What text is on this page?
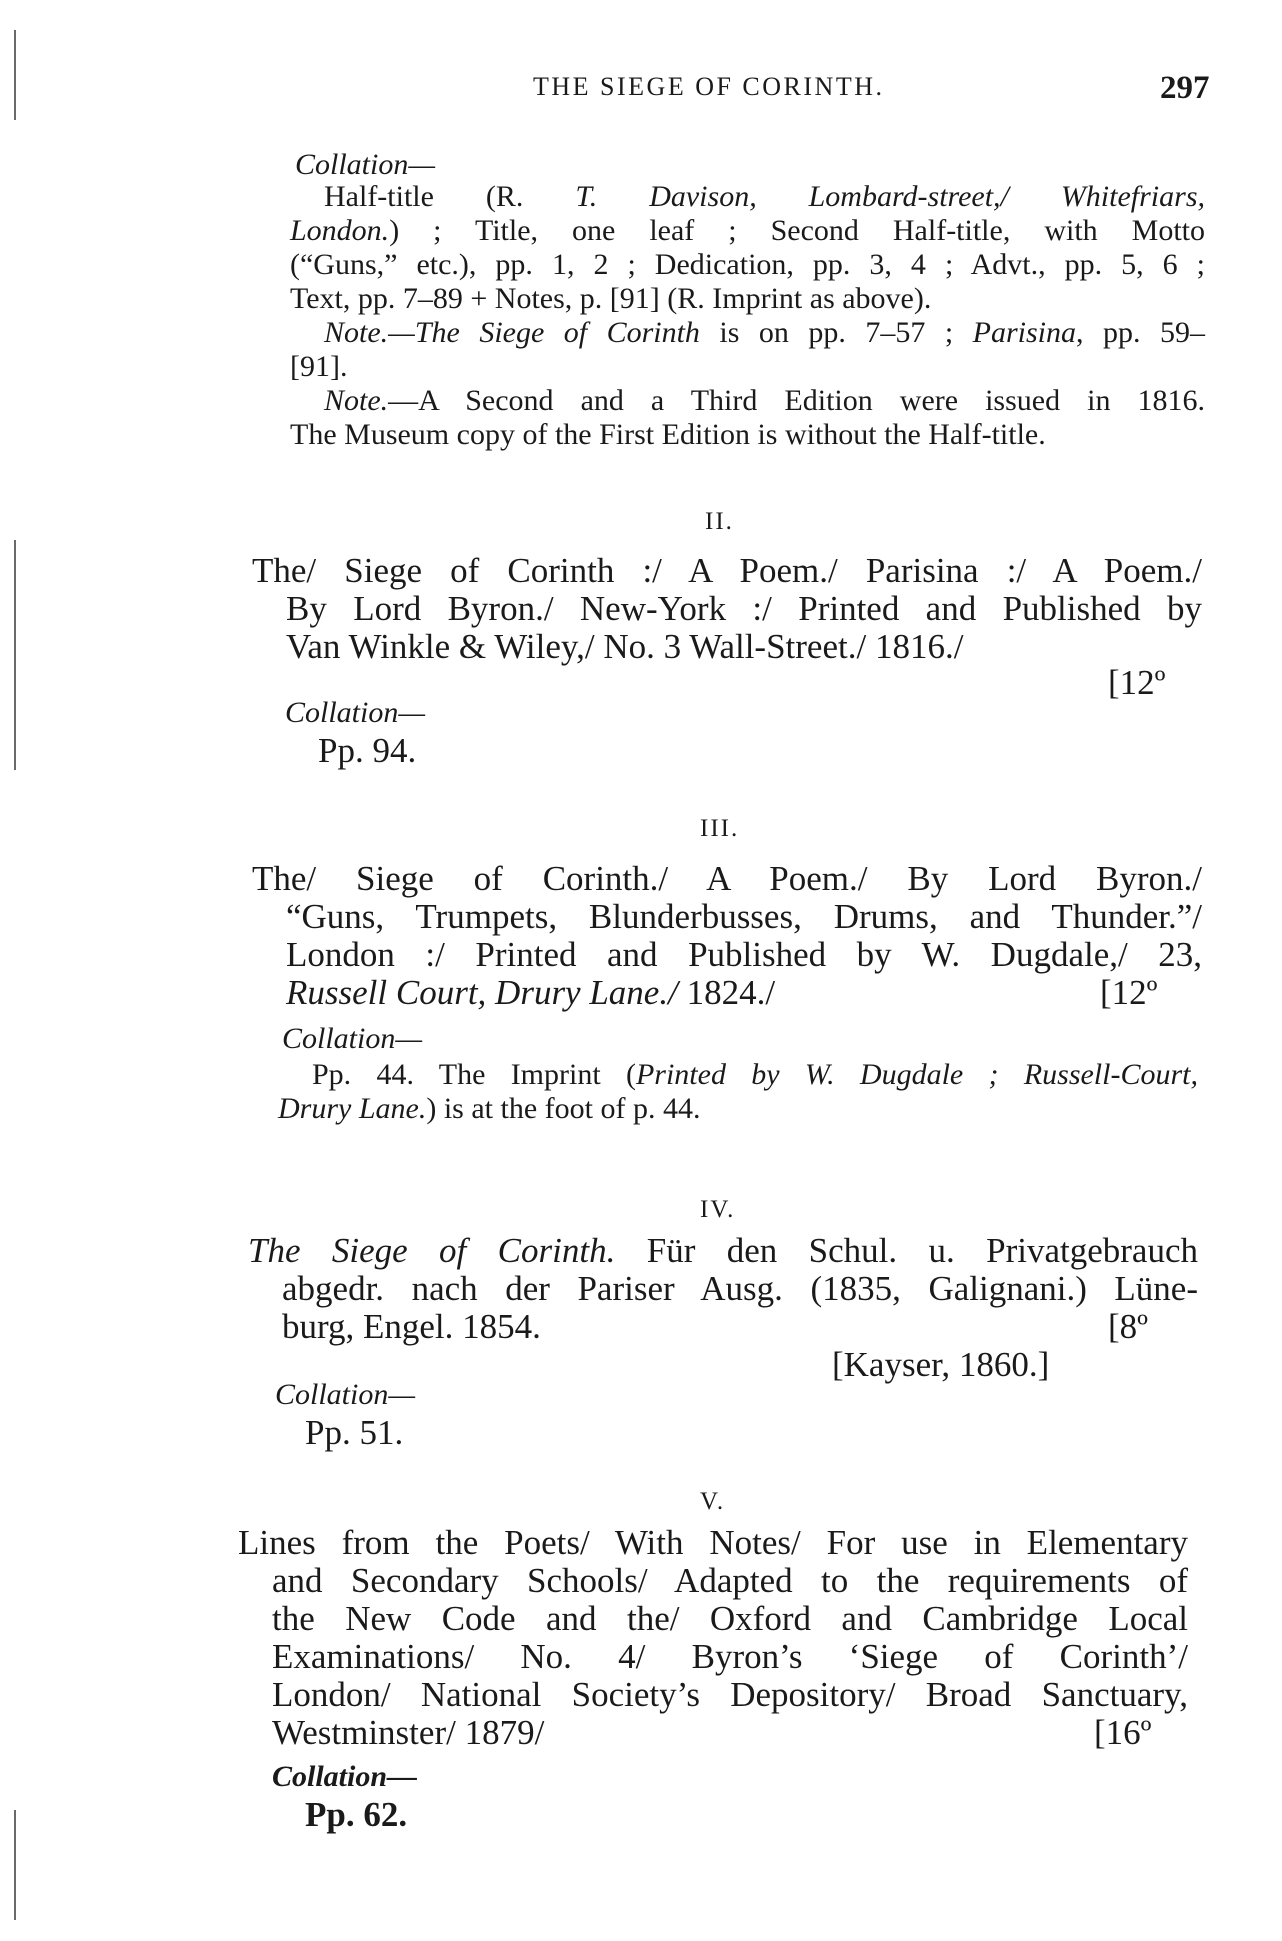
THE SIEGE OF CORINTH.	297
Collation—
Half-title (R. T. Davison, Lombard-street,/ Whitefriars,
London.) ; Title, one leaf ; Second Half-title, with Motto
(“Guns,” etc.), pp. 1, 2 ; Dedication, pp. 3, 4 ; Advt., pp. 5, 6 ;
Text, pp. 7–89 + Notes, p. [91] (R. Imprint as above).
Note.—The Siege of Corinth is on pp. 7–57 ; Parisina, pp. 59–
[91].
Note.—A Second and a Third Edition were issued in 1816.
The Museum copy of the First Edition is without the Half-title.
II.
The/ Siege of Corinth :/ A Poem./ Parisina :/ A Poem./
By Lord Byron./ New-York :/ Printed and Published by
Van Winkle & Wiley,/ No. 3 Wall-Street./ 1816./
[12º
Collation—
Pp. 94.
III.
The/ Siege of Corinth./ A Poem./ By Lord Byron./
“Guns, Trumpets, Blunderbusses, Drums, and Thunder.”/
London :/ Printed and Published by W. Dugdale,/ 23,
Russell Court, Drury Lane./ 1824./	[12º
Collation—
Pp. 44. The Imprint (Printed by W. Dugdale ; Russell-Court,
Drury Lane.) is at the foot of p. 44.
IV.
The Siege of Corinth. Für den Schul. u. Privatgebrauch
abgedr. nach der Pariser Ausg. (1835, Galignani.) Lüne-
burg, Engel. 1854.	[8º
[Kayser, 1860.]
Collation—
Pp. 51.
V.
Lines from the Poets/ With Notes/ For use in Elementary
and Secondary Schools/ Adapted to the requirements of
the New Code and the/ Oxford and Cambridge Local
Examinations/ No. 4/ Byron’s ‘Siege of Corinth’/
London/ National Society’s Depository/ Broad Sanctuary,
Westminster/ 1879/	[16º
Collation—
Pp. 62.
